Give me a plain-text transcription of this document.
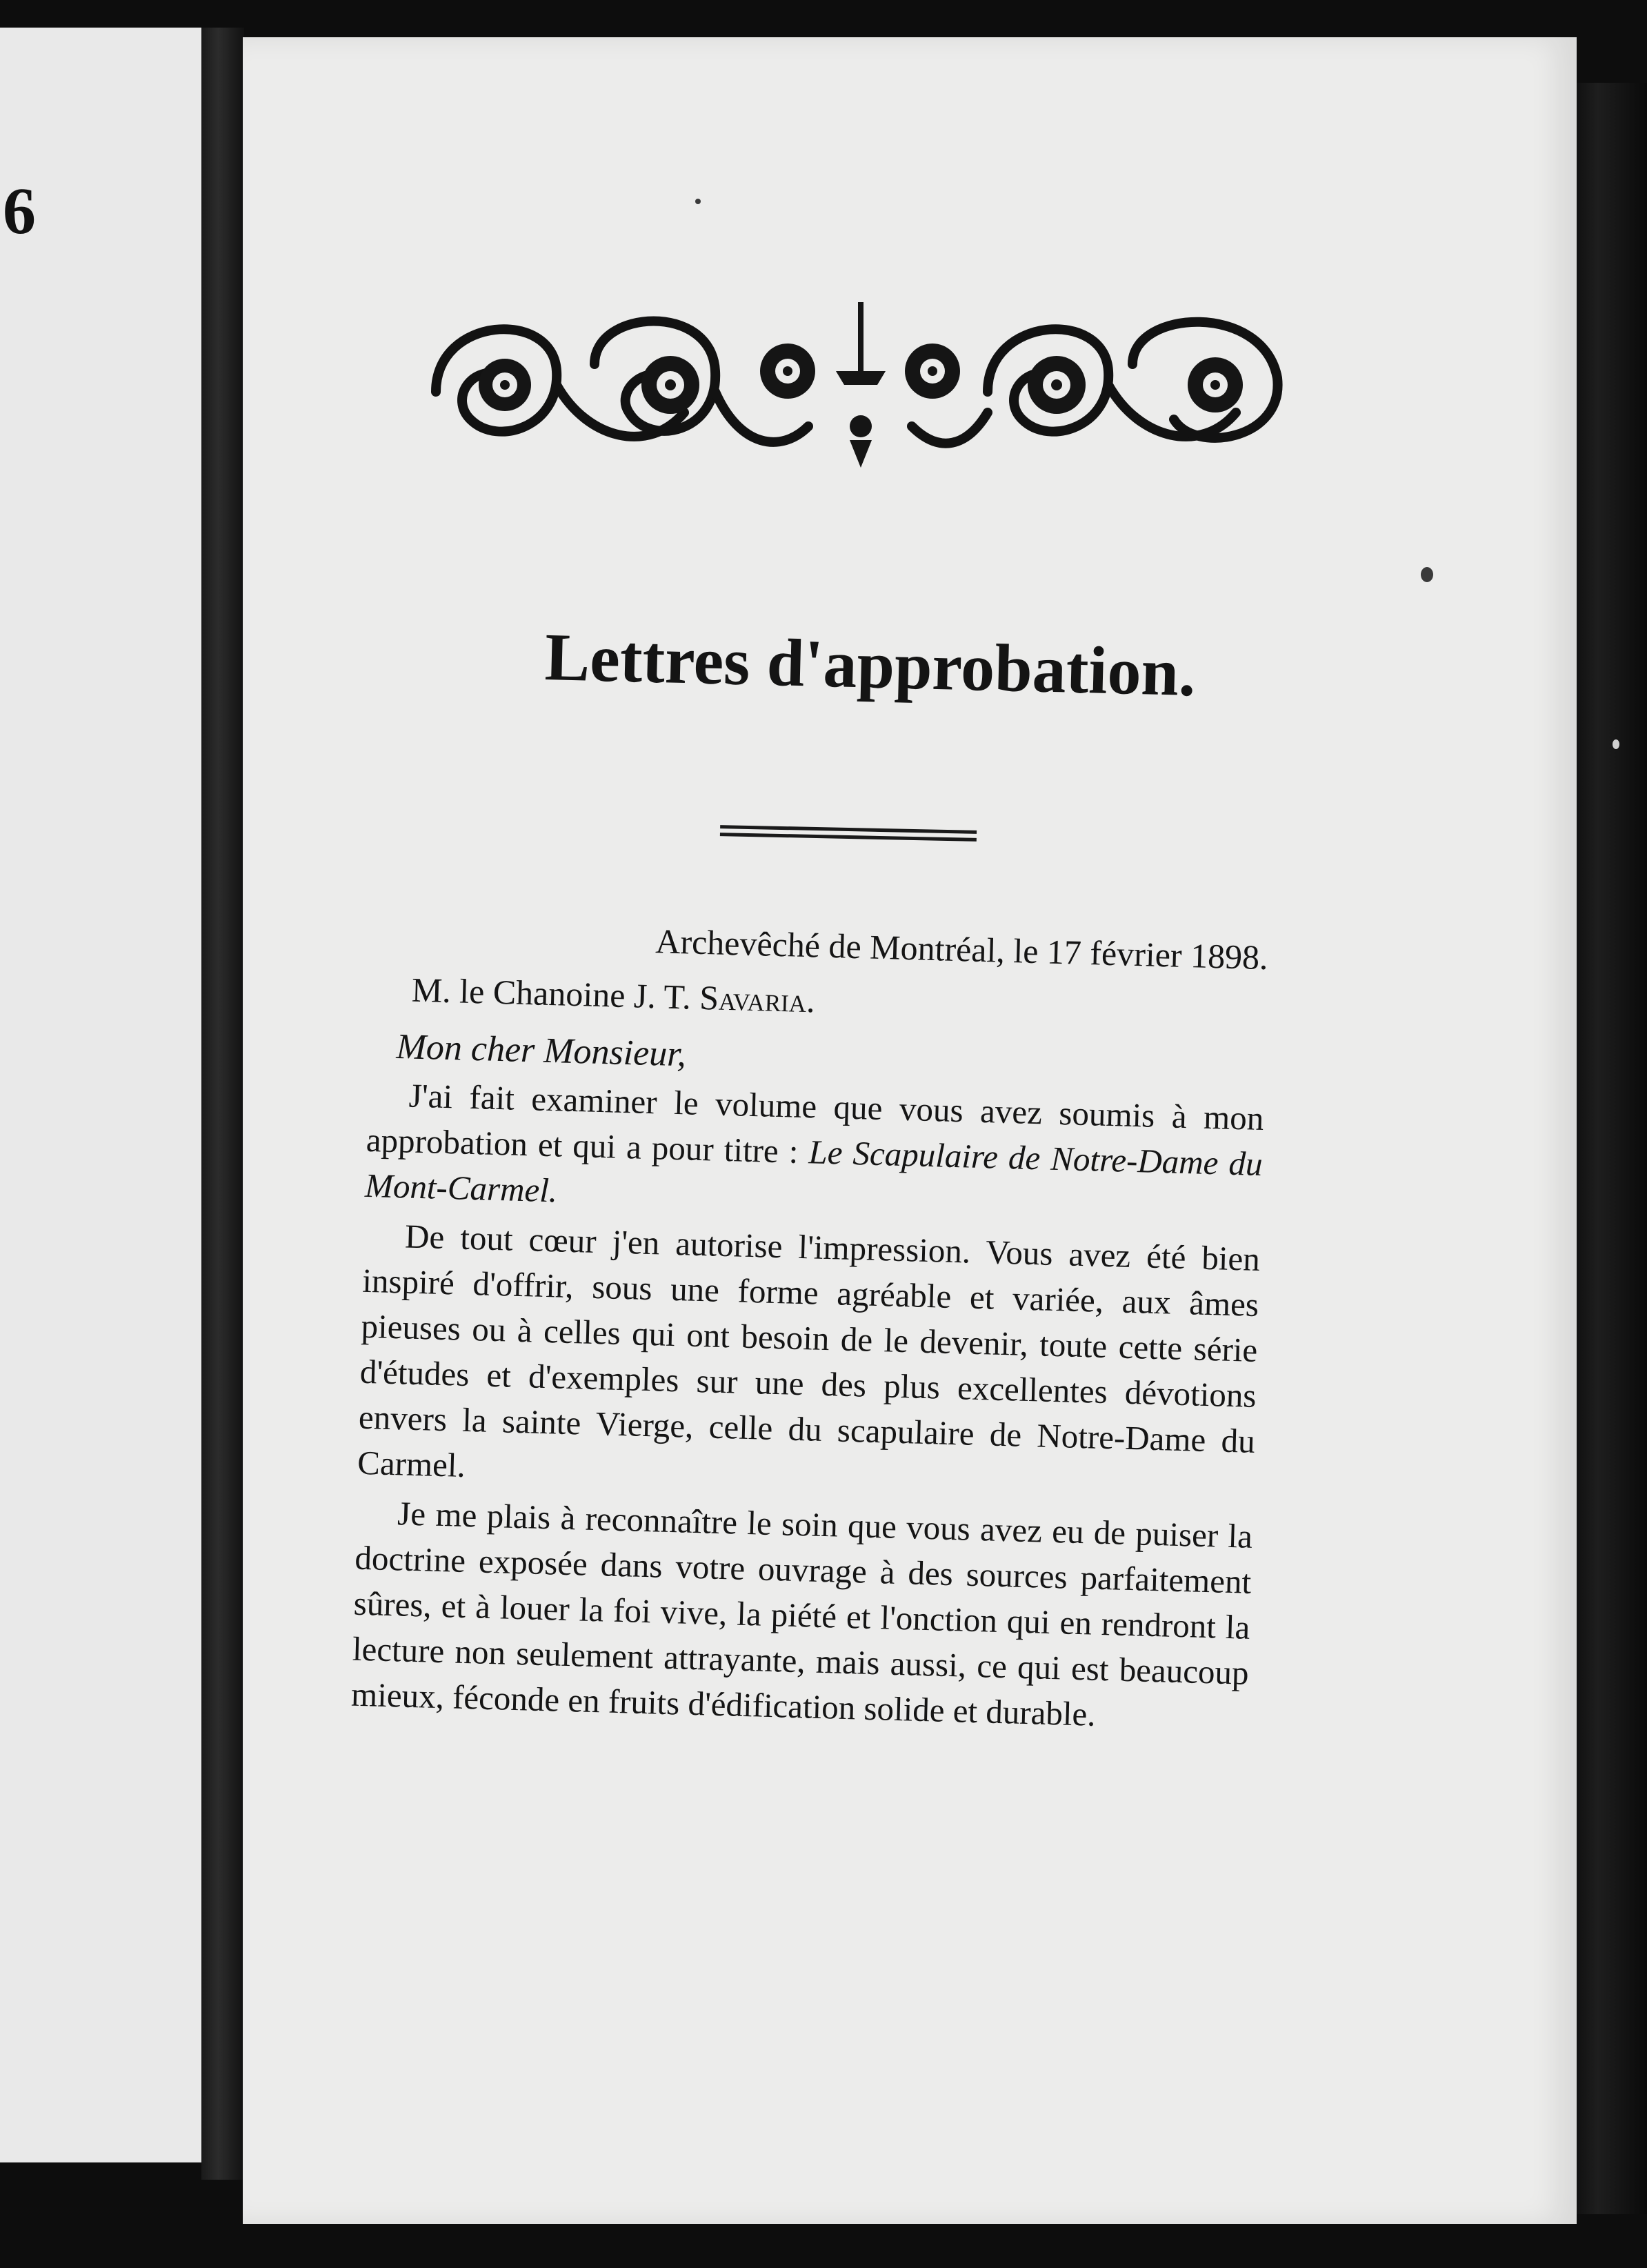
6
Lettres d'approbation.

Archevêché de Montréal, le 17 février 1898.

M. le Chanoine J. T. Savaria.

Mon cher Monsieur,

J'ai fait examiner le volume que vous avez soumis à mon approbation et qui a pour titre : Le Scapulaire de Notre-Dame du Mont-Carmel.

De tout cœur j'en autorise l'impression. Vous avez été bien inspiré d'offrir, sous une forme agréable et variée, aux âmes pieuses ou à celles qui ont besoin de le devenir, toute cette série d'études et d'exemples sur une des plus excellentes dévotions envers la sainte Vierge, celle du scapulaire de Notre-Dame du Carmel.

Je me plais à reconnaître le soin que vous avez eu de puiser la doctrine exposée dans votre ouvrage à des sources parfaitement sûres, et à louer la foi vive, la piété et l'onction qui en rendront la lecture non seulement attrayante, mais aussi, ce qui est beaucoup mieux, féconde en fruits d'édification solide et durable.
